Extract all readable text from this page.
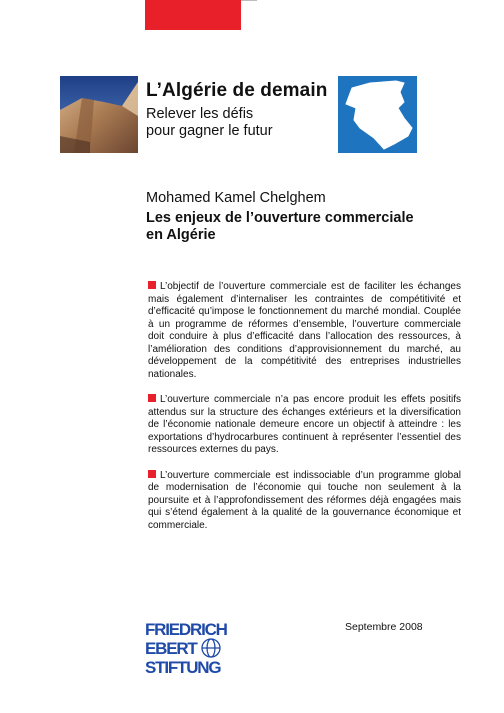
L’Algérie de demain
Relever les défis
pour gagner le futur
Mohamed Kamel Chelghem
Les enjeux de l’ouverture commerciale
en Algérie

L’objectif de l’ouverture commerciale est de faciliter les échanges mais également d’internaliser les contraintes de compétitivité et d’efficacité qu’impose le fonctionnement du marché mondial. Couplée à un programme de réformes d’ensemble, l’ouverture commerciale doit conduire à plus d’efficacité dans l’allocation des ressources, à l’amélioration des conditions d’approvisionnement du marché, au développement de la compétitivité des entreprises industrielles nationales.

L’ouverture commerciale n’a pas encore produit les effets positifs attendus sur la structure des échanges extérieurs et la diversification de l’économie nationale demeure encore un objectif à atteindre : les exportations d’hydrocarbures continuent à représenter l’essentiel des ressources externes du pays.

L’ouverture commerciale est indissociable d’un programme global de modernisation de l’économie qui touche non seulement à la poursuite et à l’approfondissement des réformes déjà engagées mais qui s’étend également à la qualité de la gouvernance économique et commerciale.

FRIEDRICH
EBERT
STIFTUNG
Septembre 2008
